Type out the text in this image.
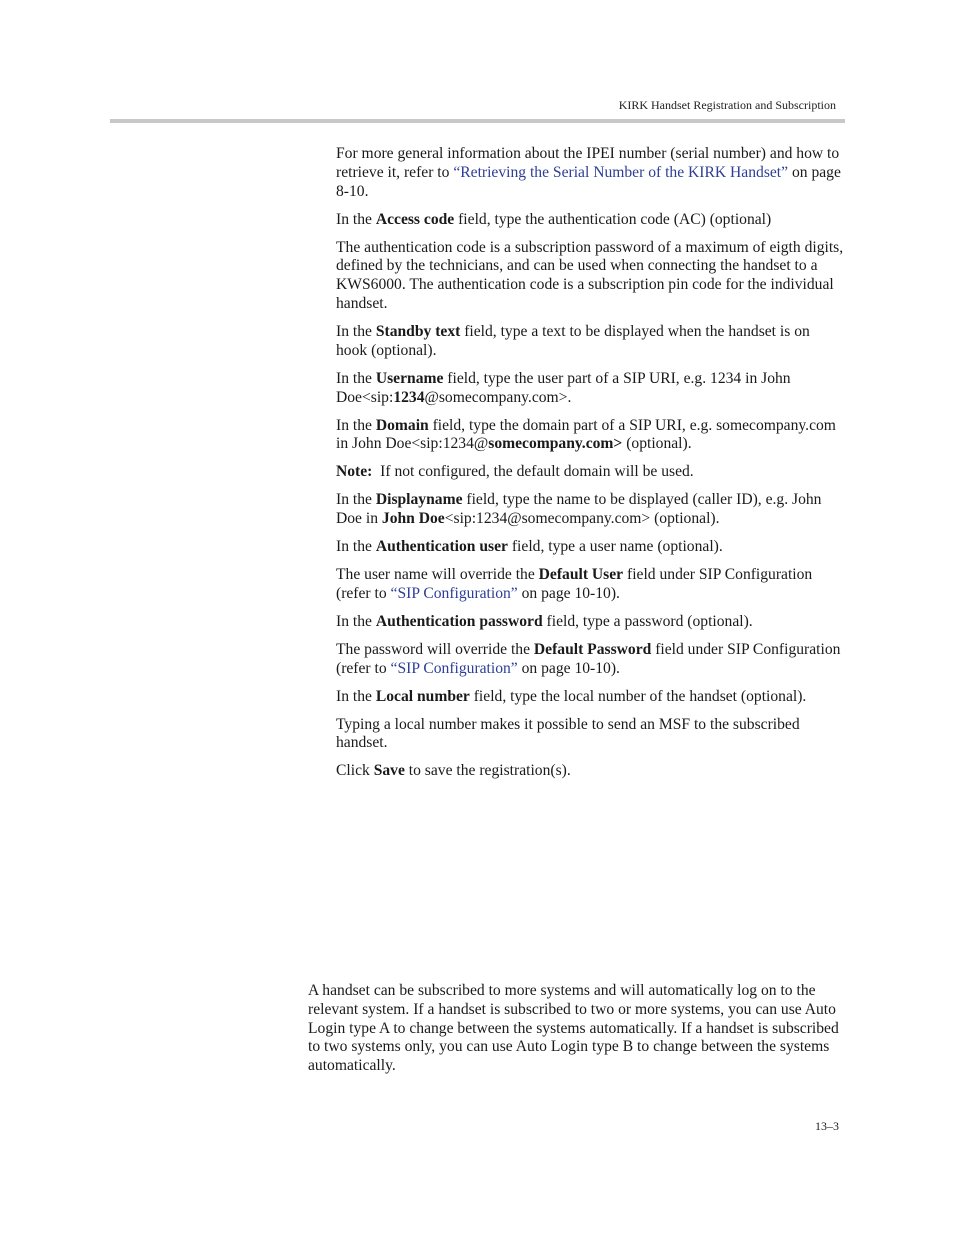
KIRK Handset Registration and Subscription

For more general information about the IPEI number (serial number) and how to retrieve it, refer to “Retrieving the Serial Number of the KIRK Handset” on page 8-10.

In the Access code field, type the authentication code (AC) (optional)

The authentication code is a subscription password of a maximum of eigth digits, defined by the technicians, and can be used when connecting the handset to a KWS6000. The authentication code is a subscription pin code for the individual handset.

In the Standby text field, type a text to be displayed when the handset is on hook (optional).

In the Username field, type the user part of a SIP URI, e.g. 1234 in John Doe<sip:1234@somecompany.com>.

In the Domain field, type the domain part of a SIP URI, e.g. somecompany.com in John Doe<sip:1234@somecompany.com> (optional).

Note:  If not configured, the default domain will be used.

In the Displayname field, type the name to be displayed (caller ID), e.g. John Doe in John Doe<sip:1234@somecompany.com> (optional).

In the Authentication user field, type a user name (optional).

The user name will override the Default User field under SIP Configuration (refer to “SIP Configuration” on page 10-10).

In the Authentication password field, type a password (optional).

The password will override the Default Password field under SIP Configuration (refer to “SIP Configuration” on page 10-10).

In the Local number field, type the local number of the handset (optional).

Typing a local number makes it possible to send an MSF to the subscribed handset.

Click Save to save the registration(s).

A handset can be subscribed to more systems and will automatically log on to the relevant system. If a handset is subscribed to two or more systems, you can use Auto Login type A to change between the systems automatically. If a handset is subscribed to two systems only, you can use Auto Login type B to change between the systems automatically.

13–3
